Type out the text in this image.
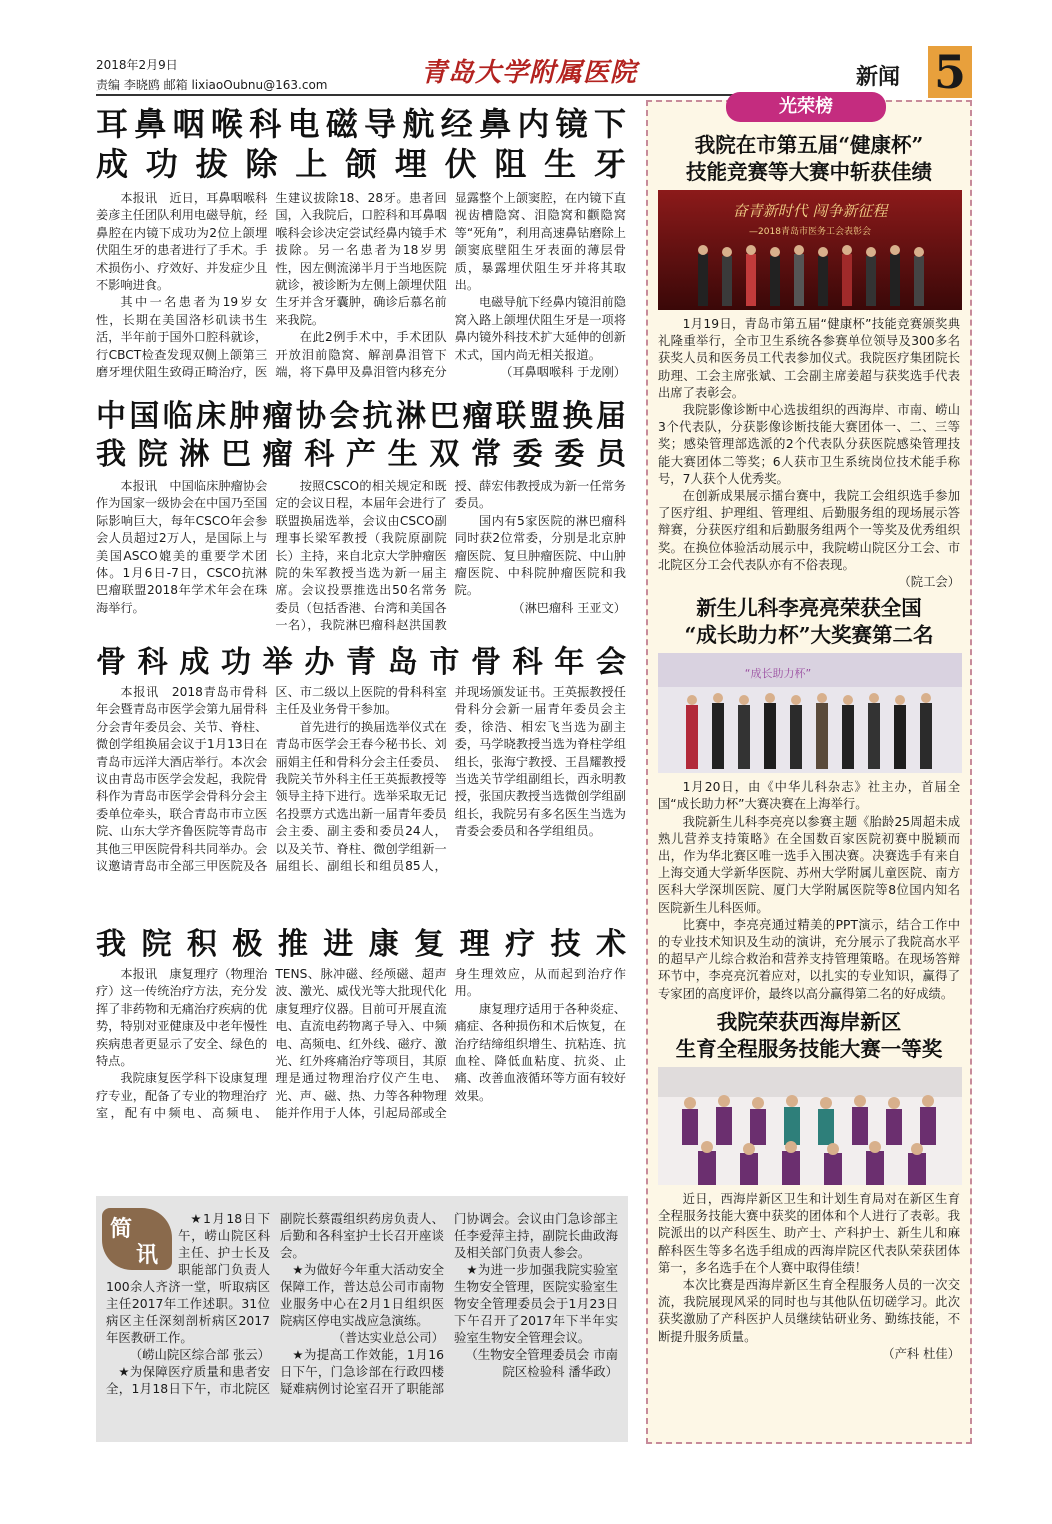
2018年2月9日
责编 李晓鸥 邮箱 lixiaoOubnu@163.com	青岛大学附属医院	新闻 5
耳鼻咽喉科电磁导航经鼻内镜下
成功拔除上颌埋伏阻生牙

本报讯　近日，耳鼻咽喉科姜彦主任团队利用电磁导航，经鼻腔在内镜下成功为2位上颌埋伏阻生牙的患者进行了手术。手术损伤小、疗效好、并发症少且不影响进食。

其中一名患者为19岁女性，长期在美国洛杉矶读书生活，半年前于国外口腔科就诊，行CBCT检查发现双侧上颌第三磨牙埋伏阻生致碍正畸治疗，医生建议拔除18、28牙。患者回国，入我院后，口腔科和耳鼻咽喉科会诊决定尝试经鼻内镜手术拔除。另一名患者为18岁男性，因左侧流涕半月于当地医院就诊，被诊断为左侧上颌埋伏阻生牙并含牙囊肿，确诊后慕名前来我院。

在此2例手术中，手术团队开放泪前隐窝、解剖鼻泪管下端，将下鼻甲及鼻泪管内移充分显露整个上颌窦腔，在内镜下直视齿槽隐窝、泪隐窝和颧隐窝等“死角”，利用高速鼻钻磨除上颌窦底壁阻生牙表面的薄层骨质，暴露埋伏阻生牙并将其取出。

电磁导航下经鼻内镜泪前隐窝入路上颌埋伏阻生牙是一项将鼻内镜外科技术扩大延伸的创新术式，国内尚无相关报道。

（耳鼻咽喉科 于龙刚）

中国临床肿瘤协会抗淋巴瘤联盟换届
我院淋巴瘤科产生双常委委员

本报讯　中国临床肿瘤协会作为国家一级协会在中国乃至国际影响巨大，每年CSCO年会参会人员超过2万人，是国际上与美国ASCO媲美的重要学术团体。1月6日-7日，CSCO抗淋巴瘤联盟2018年学术年会在珠海举行。

按照CSCO的相关规定和既定的会议日程，本届年会进行了联盟换届选举，会议由CSCO副理事长梁军教授（我院原副院长）主持，来自北京大学肿瘤医院的朱军教授当选为新一届主席。会议投票推选出50名常务委员（包括香港、台湾和美国各一名），我院淋巴瘤科赵洪国教授、薛宏伟教授成为新一任常务委员。

国内有5家医院的淋巴瘤科同时获2位常委，分别是北京肿瘤医院、复旦肿瘤医院、中山肿瘤医院、中科院肿瘤医院和我院。

（淋巴瘤科 王亚文）

骨科成功举办青岛市骨科年会

本报讯　2018青岛市骨科年会暨青岛市医学会第九届骨科分会青年委员会、关节、脊柱、微创学组换届会议于1月13日在青岛市远洋大酒店举行。本次会议由青岛市医学会发起，我院骨科作为青岛市医学会骨科分会主委单位牵头，联合青岛市市立医院、山东大学齐鲁医院等青岛市其他三甲医院骨科共同举办。会议邀请青岛市全部三甲医院及各区、市二级以上医院的骨科科室主任及业务骨干参加。

首先进行的换届选举仪式在青岛市医学会王春今秘书长、刘丽娟主任和骨科分会主任委员、我院关节外科主任王英振教授等领导主持下进行。选举采取无记名投票方式选出新一届青年委员会主委、副主委和委员24人，以及关节、脊柱、微创学组新一届组长、副组长和组员85人，并现场颁发证书。王英振教授任骨科分会新一届青年委员会主委，徐浩、相宏飞当选为副主委，马学晓教授当选为脊柱学组组长，张海宁教授、王昌耀教授当选关节学组副组长，西永明教授，张国庆教授当选微创学组副组长，我院另有多名医生当选为青委会委员和各学组组员。

我院积极推进康复理疗技术

本报讯　康复理疗（物理治疗）这一传统治疗方法，充分发挥了非药物和无痛治疗疾病的优势，特别对亚健康及中老年慢性疾病患者更显示了安全、绿色的特点。

我院康复医学科下设康复理疗专业，配备了专业的物理治疗室，配有中频电、高频电、TENS、脉冲磁、经颅磁、超声波、激光、威伐光等大批现代化康复理疗仪器。目前可开展直流电、直流电药物离子导入、中频电、高频电、红外线、磁疗、激光、红外疼痛治疗等项目，其原理是通过物理治疗仪产生电、光、声、磁、热、力等各种物理能并作用于人体，引起局部或全身生理效应，从而起到治疗作用。

康复理疗适用于各种炎症、痛症、各种损伤和术后恢复，在治疗结缔组织增生、抗粘连、抗血栓、降低血粘度、抗炎、止痛、改善血液循环等方面有较好效果。

简
讯

★1月18日下午，崂山院区科主任、护士长及职能部门负责人100余人齐济一堂，听取病区主任2017年工作述职。31位病区主任深刻剖析病区2017年医教研工作。

（崂山院区综合部 张云）

★为保障医疗质量和患者安全，1月18日下午，市北院区副院长蔡霞组织药房负责人、后勤和各科室护士长召开座谈会。

★为做好今年重大活动安全保障工作，普达总公司市南物业服务中心在2月1日组织医院病区停电实战应急演练。

（普达实业总公司）

★为提高工作效能，1月16日下午，门急诊部在行政四楼疑难病例讨论室召开了职能部门协调会。会议由门急诊部主任李爱萍主持，副院长曲政海及相关部门负责人参会。

★为进一步加强我院实验室生物安全管理，医院实验室生物安全管理委员会于1月23日下午召开了2017年下半年实验室生物安全管理会议。

（生物安全管理委员会 市南院区检验科 潘华政）

光荣榜
我院在市第五届“健康杯”
技能竞赛等大赛中斩获佳绩
奋青新时代 闯争新征程
—2018青岛市医务工会表彰会

1月19日，青岛市第五届“健康杯”技能竞赛颁奖典礼隆重举行，全市卫生系统各参赛单位领导及300多名获奖人员和医务员工代表参加仪式。我院医疗集团院长助理、工会主席张斌、工会副主席姜超与获奖选手代表出席了表彰会。

我院影像诊断中心选拔组织的西海岸、市南、崂山3个代表队，分获影像诊断技能大赛团体一、二、三等奖；感染管理部选派的2个代表队分获医院感染管理技能大赛团体二等奖；6人获市卫生系统岗位技术能手称号，7人获个人优秀奖。

在创新成果展示擂台赛中，我院工会组织选手参加了医疗组、护理组、管理组、后勤服务组的现场展示答辩赛，分获医疗组和后勤服务组两个一等奖及优秀组织奖。在换位体验活动展示中，我院崂山院区分工会、市北院区分工会代表队亦有不俗表现。

（院工会）

新生儿科李亮亮荣获全国
“成长助力杯”大奖赛第二名
“成长助力杯”

1月20日，由《中华儿科杂志》社主办，首届全国“成长助力杯”大赛决赛在上海举行。

我院新生儿科李亮亮以参赛主题《胎龄25周超未成熟儿营养支持策略》在全国数百家医院初赛中脱颖而出，作为华北赛区唯一选手入围决赛。决赛选手有来自上海交通大学新华医院、苏州大学附属儿童医院、南方医科大学深圳医院、厦门大学附属医院等8位国内知名医院新生儿科医师。

比赛中，李亮亮通过精美的PPT演示，结合工作中的专业技术知识及生动的演讲，充分展示了我院高水平的超早产儿综合救治和营养支持管理策略。在现场答辩环节中，李亮亮沉着应对，以扎实的专业知识，赢得了专家团的高度评价，最终以高分赢得第二名的好成绩。

我院荣获西海岸新区
生育全程服务技能大赛一等奖

近日，西海岸新区卫生和计划生育局对在新区生育全程服务技能大赛中获奖的团体和个人进行了表彰。我院派出的以产科医生、助产士、产科护士、新生儿和麻醉科医生等多名选手组成的西海岸院区代表队荣获团体第一，多名选手在个人赛中取得佳绩！

本次比赛是西海岸新区生育全程服务人员的一次交流，我院展现风采的同时也与其他队伍切磋学习。此次获奖激励了产科医护人员继续钻研业务、勤练技能，不断提升服务质量。

（产科 杜佳）
